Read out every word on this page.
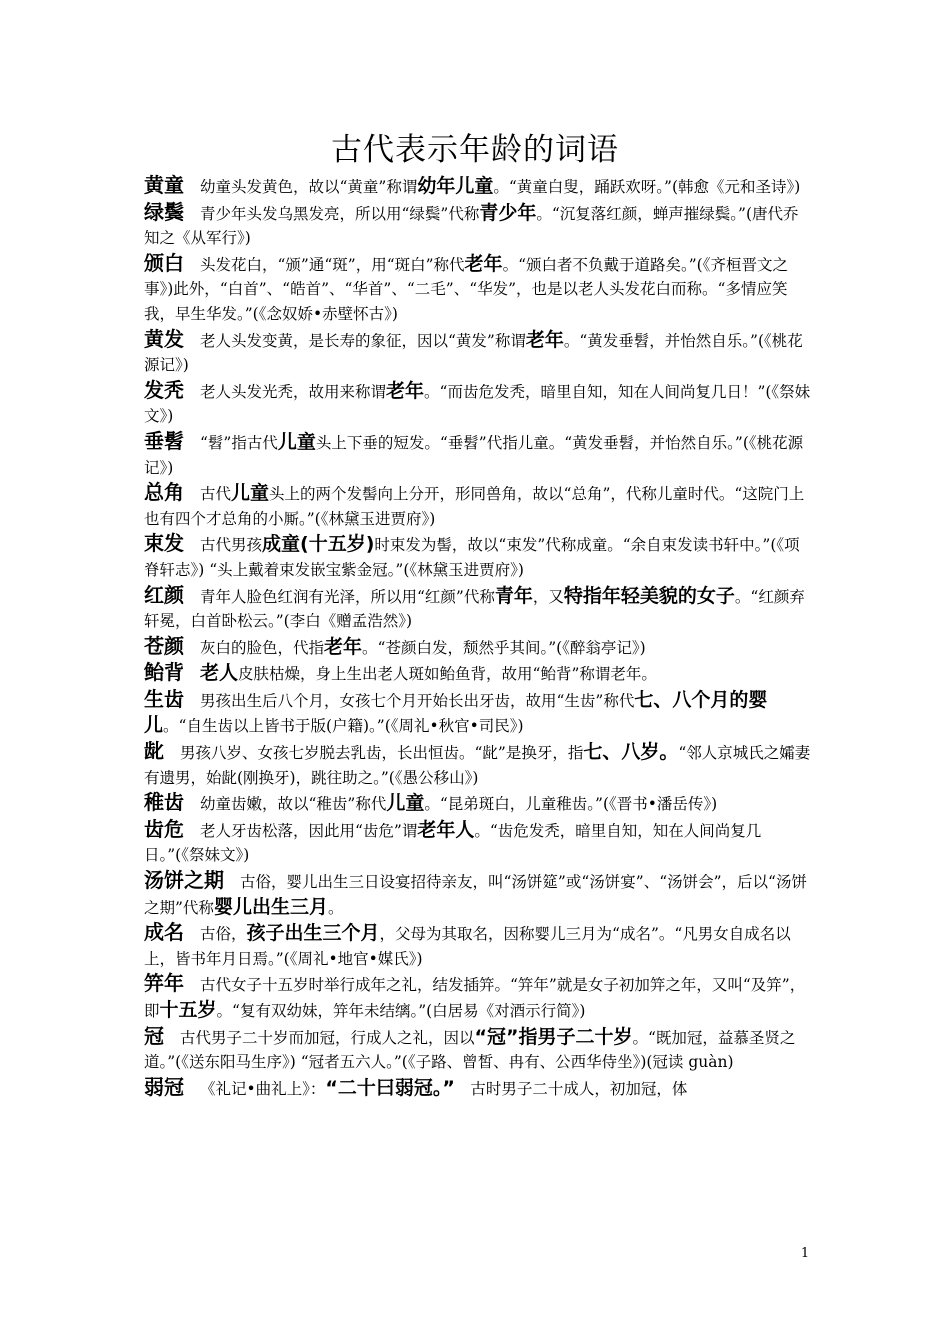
古代表示年龄的词语

黄童 幼童头发黄色，故以“黄童”称谓幼年儿童。“黄童白叟，踊跃欢呀。”(韩愈《元和圣诗》)

绿鬓 青少年头发乌黑发亮，所以用“绿鬓”代称青少年。“沉复落红颜，蝉声摧绿鬓。”(唐代乔知之《从军行》)

颁白 头发花白，“颁”通“斑”，用“斑白”称代老年。“颁白者不负戴于道路矣。”(《齐桓晋文之事》)此外，“白首”、“皓首”、“华首”、“二毛”、“华发”，也是以老人头发花白而称。“多情应笑我，早生华发。”(《念奴娇•赤壁怀古》)

黄发 老人头发变黄，是长寿的象征，因以“黄发”称谓老年。“黄发垂髫，并怡然自乐。”(《桃花源记》)

发秃 老人头发光秃，故用来称谓老年。“而齿危发秃，暗里自知，知在人间尚复几日！”(《祭妹文》)

垂髫 “髫”指古代儿童头上下垂的短发。“垂髫”代指儿童。“黄发垂髫，并怡然自乐。”(《桃花源记》)

总角 古代儿童头上的两个发髻向上分开，形同兽角，故以“总角”，代称儿童时代。“这院门上也有四个才总角的小厮。”(《林黛玉进贾府》)

束发 古代男孩成童(十五岁)时束发为髻，故以“束发”代称成童。“余自束发读书轩中。”(《项脊轩志》) “头上戴着束发嵌宝紫金冠。”(《林黛玉进贾府》)

红颜 青年人脸色红润有光泽，所以用“红颜”代称青年，又特指年轻美貌的女子。“红颜弃轩冕，白首卧松云。”(李白《赠孟浩然》)

苍颜 灰白的脸色，代指老年。“苍颜白发，颓然乎其间。”(《醉翁亭记》)

鲐背 老人皮肤枯燥，身上生出老人斑如鲐鱼背，故用“鲐背”称谓老年。

生齿 男孩出生后八个月，女孩七个月开始长出牙齿，故用“生齿”称代七、八个月的婴儿。“自生齿以上皆书于版(户籍)。”(《周礼•秋官•司民》)

龀 男孩八岁、女孩七岁脱去乳齿，长出恒齿。“龀”是换牙，指七、八岁。“邻人京城氏之孀妻有遗男，始龀(刚换牙)，跳往助之。”(《愚公移山》)

稚齿 幼童齿嫩，故以“稚齿”称代儿童。“昆弟斑白，儿童稚齿。”(《晋书•潘岳传》)

齿危 老人牙齿松落，因此用“齿危”谓老年人。“齿危发秃，暗里自知，知在人间尚复几日。”(《祭妹文》)

汤饼之期 古俗，婴儿出生三日设宴招待亲友，叫“汤饼筵”或“汤饼宴”、“汤饼会”，后以“汤饼之期”代称婴儿出生三月。

成名 古俗，孩子出生三个月，父母为其取名，因称婴儿三月为“成名”。“凡男女自成名以上，皆书年月日焉。”(《周礼•地官•媒氏》)

笄年 古代女子十五岁时举行成年之礼，结发插笄。“笄年”就是女子初加笄之年，又叫“及笄”，即十五岁。“复有双幼妹，笄年未结缡。”(白居易《对酒示行简》)

冠 古代男子二十岁而加冠，行成人之礼，因以“冠”指男子二十岁。“既加冠，益慕圣贤之道。”(《送东阳马生序》) “冠者五六人。”(《子路、曾皙、冉有、公西华侍坐》)(冠读 guàn)

弱冠 《礼记•曲礼上》：“二十曰弱冠。”　古时男子二十成人，初加冠，体

1
